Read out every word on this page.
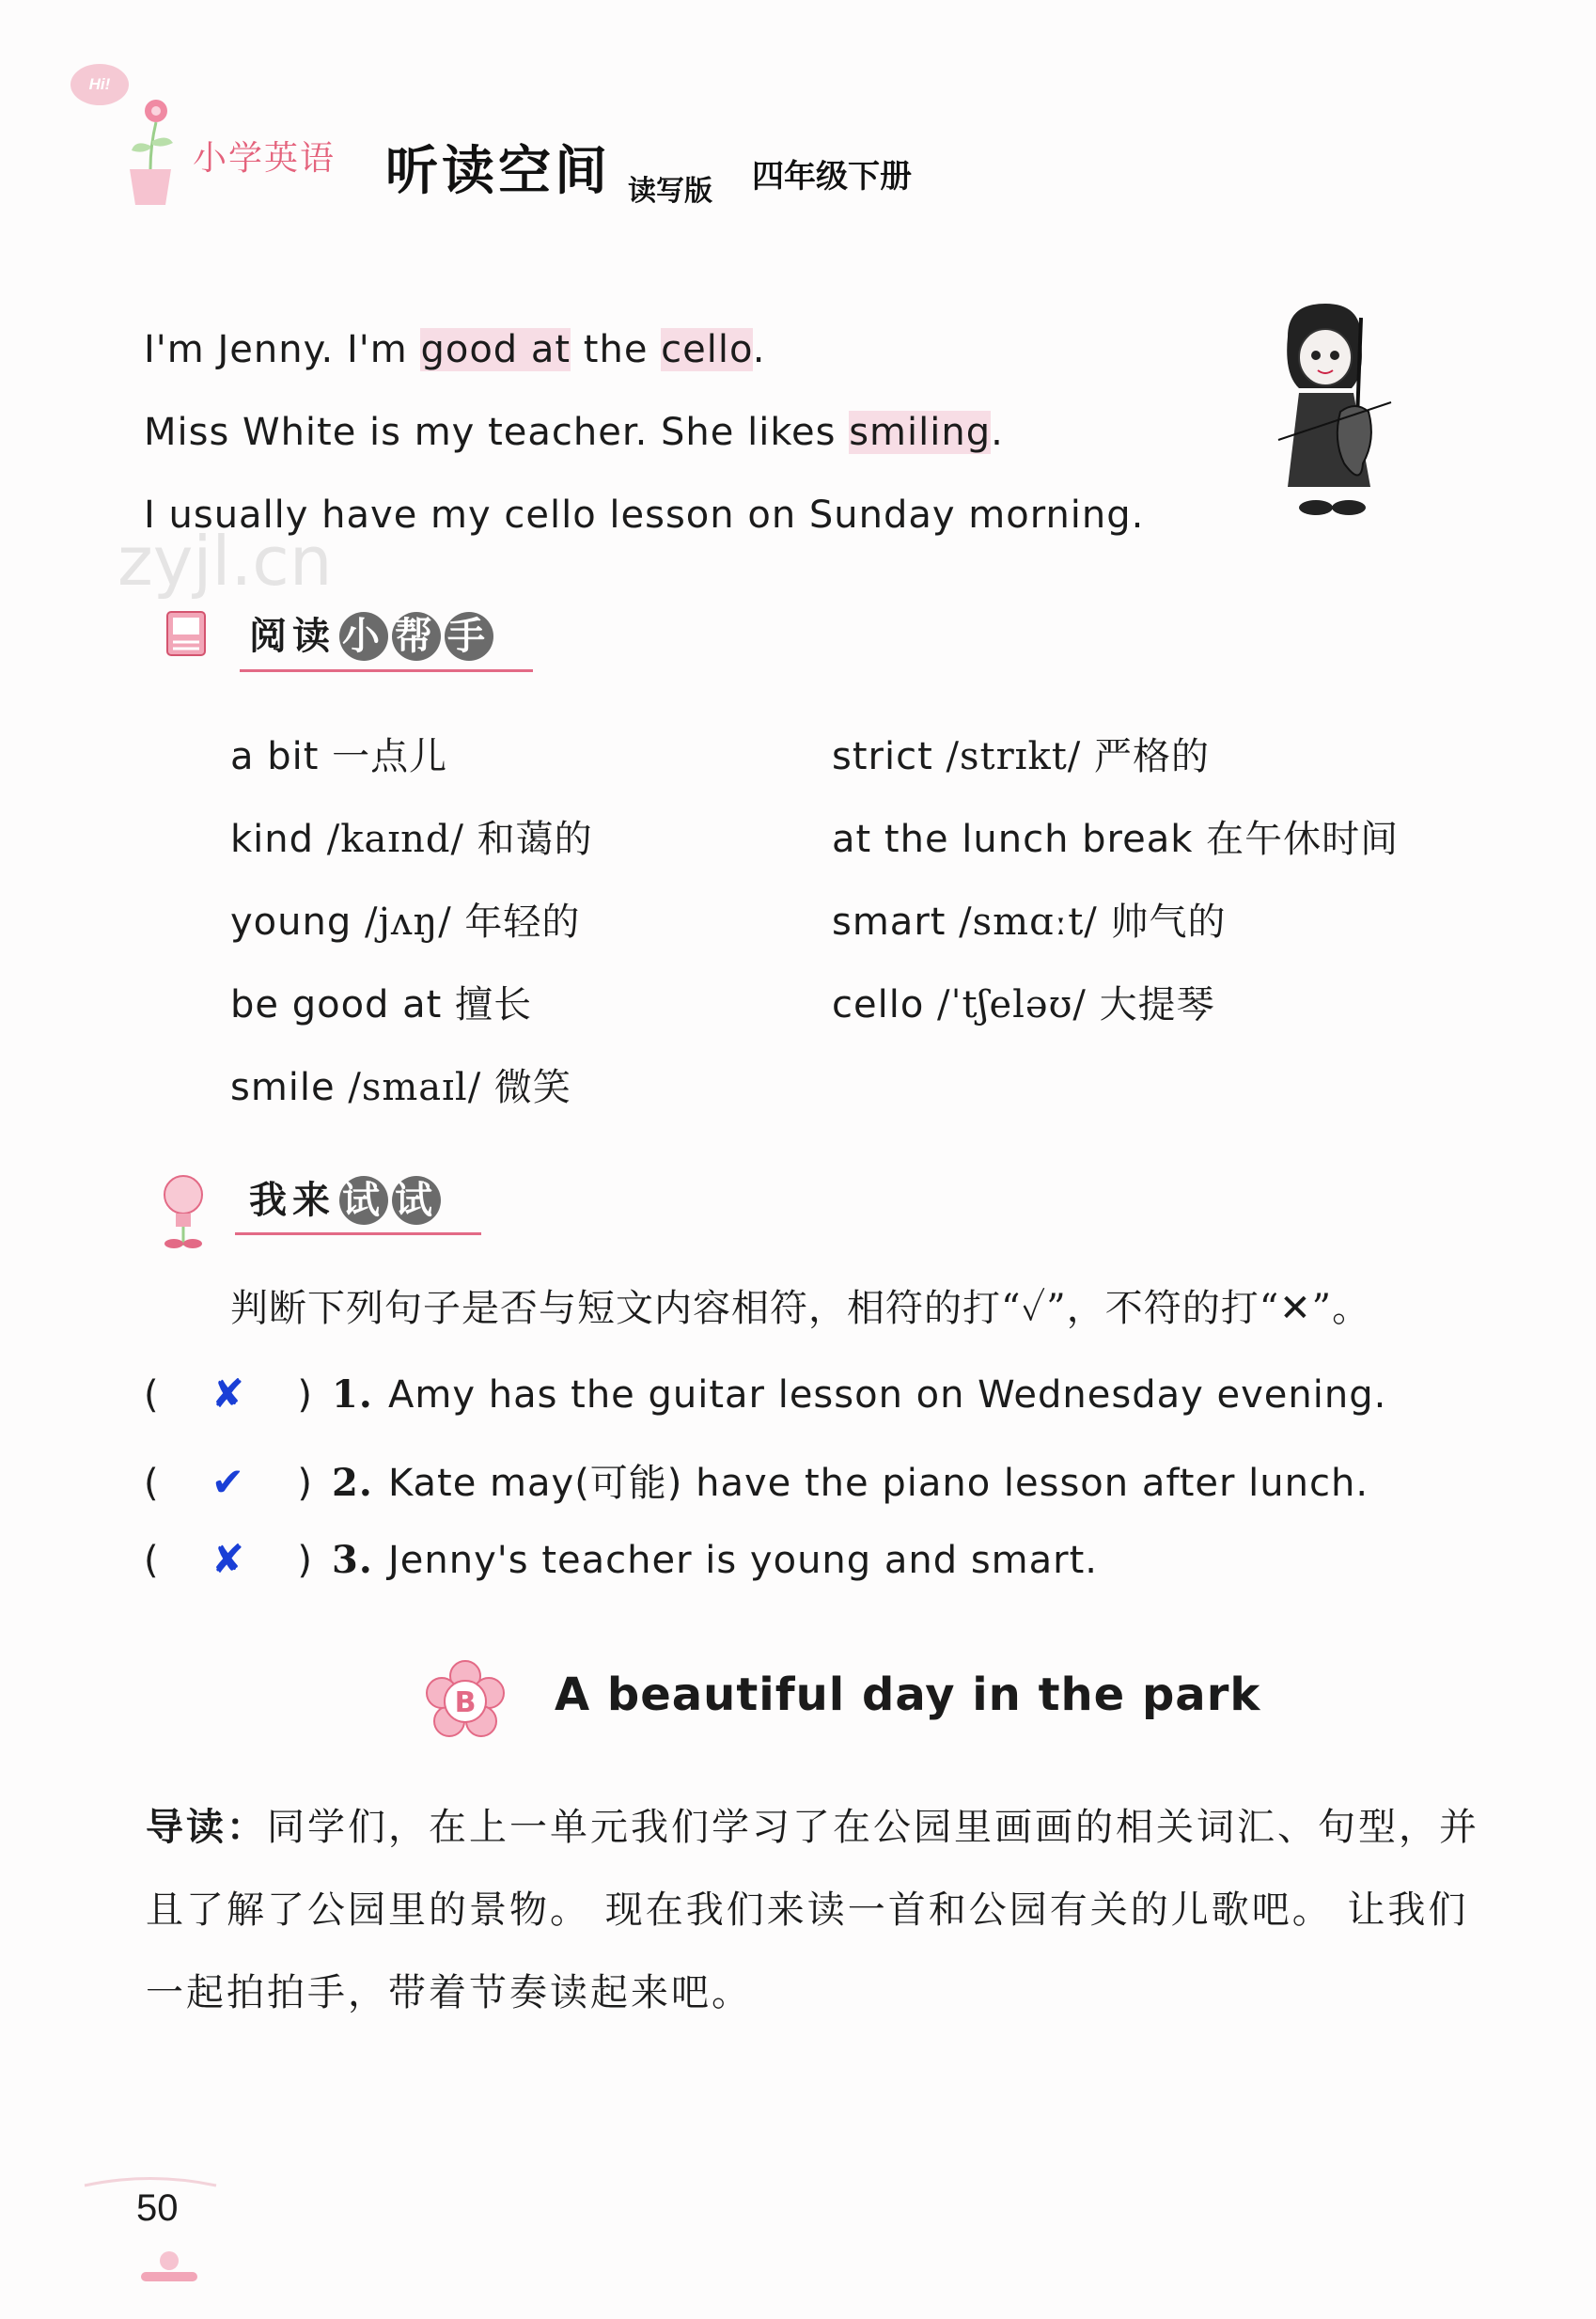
Hi!
小学英语 听读空间 读写版 四年级下册

I'm Jenny. I'm good at the cello.

Miss White is my teacher. She likes smiling.

I usually have my cello lesson on Sunday morning.

zyjl.cn
阅读 小 帮 手
a bit 一点儿
kind /kaɪnd/ 和蔼的
young /jʌŋ/ 年轻的
be good at 擅长
smile /smaɪl/ 微笑
strict /strɪkt/ 严格的
at the lunch break 在午休时间
smart /smɑːt/ 帅气的
cello /ˈtʃeləʊ/ 大提琴
我来 试 试
判断下列句子是否与短文内容相符，相符的打“✓”，不符的打“✕”。
( ✘ ) 1. Amy has the guitar lesson on Wednesday evening.
( ✔ ) 2. Kate may(可能) have the piano lesson after lunch.
( ✘ ) 3. Jenny's teacher is young and smart.
B A beautiful day in the park
导读：同学们，在上一单元我们学习了在公园里画画的相关词汇、句型，并且了解了公园里的景物。 现在我们来读一首和公园有关的儿歌吧。 让我们一起拍拍手，带着节奏读起来吧。
50
